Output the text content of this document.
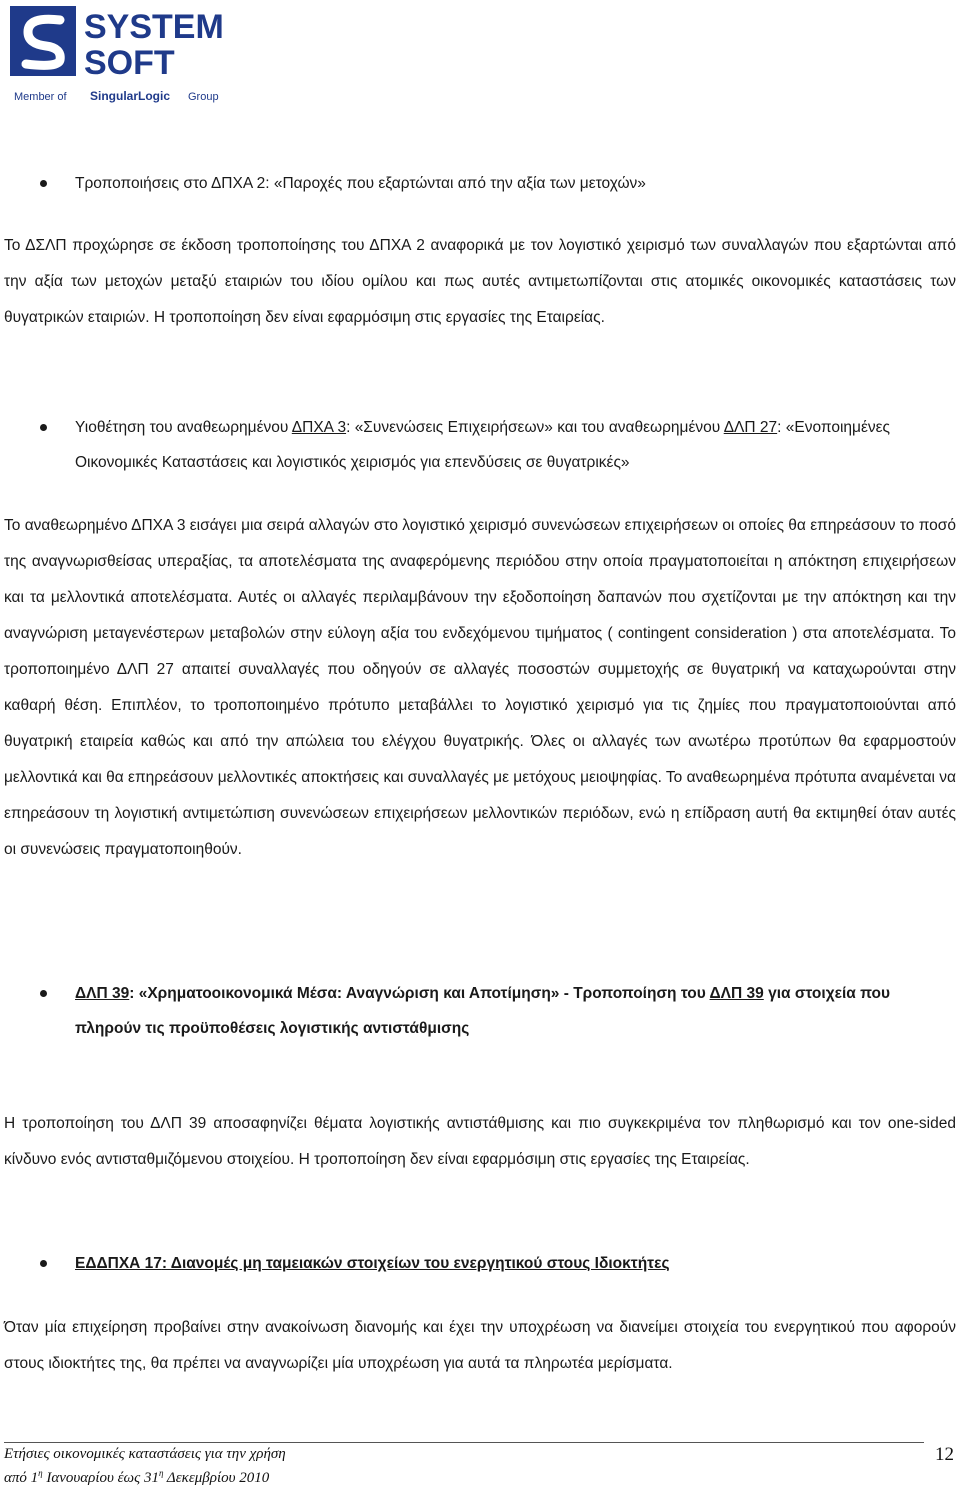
SYSTEM
SOFT
Member of SingularLogic Group
Τροποποιήσεις στο ΔΠΧΑ 2: «Παροχές που εξαρτώνται από την αξία των μετοχών»
Το ΔΣΛΠ προχώρησε σε έκδοση τροποποίησης του ΔΠΧΑ 2 αναφορικά με τον λογιστικό χειρισμό των συναλλαγών που εξαρτώνται από την αξία των μετοχών μεταξύ εταιριών του ιδίου ομίλου και πως αυτές αντιμετωπίζονται στις ατομικές οικονομικές καταστάσεις των θυγατρικών εταιριών. Η τροποποίηση δεν είναι εφαρμόσιμη στις εργασίες της Εταιρείας.
Υιοθέτηση του αναθεωρημένου ΔΠΧΑ 3: «Συνενώσεις Επιχειρήσεων» και του αναθεωρημένου ΔΛΠ 27: «Ενοποιημένες Οικονομικές Καταστάσεις και λογιστικός χειρισμός για επενδύσεις σε θυγατρικές»
Το αναθεωρημένο ΔΠΧΑ 3 εισάγει μια σειρά αλλαγών στο λογιστικό χειρισμό συνενώσεων επιχειρήσεων οι οποίες θα επηρεάσουν το ποσό της αναγνωρισθείσας υπεραξίας, τα αποτελέσματα της αναφερόμενης περιόδου στην οποία πραγματοποιείται η απόκτηση επιχειρήσεων και τα μελλοντικά αποτελέσματα. Αυτές οι αλλαγές περιλαμβάνουν την εξοδοποίηση δαπανών που σχετίζονται με την απόκτηση και την αναγνώριση μεταγενέστερων μεταβολών στην εύλογη αξία του ενδεχόμενου τιμήματος ( contingent consideration ) στα αποτελέσματα. Το τροποποιημένο ΔΛΠ 27 απαιτεί συναλλαγές που οδηγούν σε αλλαγές ποσοστών συμμετοχής σε θυγατρική να καταχωρούνται στην καθαρή θέση. Επιπλέον, το τροποποιημένο πρότυπο μεταβάλλει το λογιστικό χειρισμό για τις ζημίες που πραγματοποιούνται από θυγατρική εταιρεία καθώς και από την απώλεια του ελέγχου θυγατρικής. Όλες οι αλλαγές των ανωτέρω προτύπων θα εφαρμοστούν μελλοντικά και θα επηρεάσουν μελλοντικές αποκτήσεις και συναλλαγές με μετόχους μειοψηφίας. Το αναθεωρημένα πρότυπα αναμένεται να επηρεάσουν τη λογιστική αντιμετώπιση συνενώσεων επιχειρήσεων μελλοντικών περιόδων, ενώ η επίδραση αυτή θα εκτιμηθεί όταν αυτές οι συνενώσεις πραγματοποιηθούν.
ΔΛΠ 39: «Χρηματοοικονομικά Μέσα: Αναγνώριση και Αποτίμηση» - Τροποποίηση του ΔΛΠ 39 για στοιχεία που πληρούν τις προϋποθέσεις λογιστικής αντιστάθμισης
Η τροποποίηση του ΔΛΠ 39 αποσαφηνίζει θέματα λογιστικής αντιστάθμισης και πιο συγκεκριμένα τον πληθωρισμό και τον one-sided κίνδυνο ενός αντισταθμιζόμενου στοιχείου. Η τροποποίηση δεν είναι εφαρμόσιμη στις εργασίες της Εταιρείας.
ΕΔΔΠΧΑ 17: Διανομές μη ταμειακών στοιχείων του ενεργητικού στους Ιδιοκτήτες
Όταν μία επιχείρηση προβαίνει στην ανακοίνωση διανομής και έχει την υποχρέωση να διανείμει στοιχεία του ενεργητικού που αφορούν στους ιδιοκτήτες της, θα πρέπει να αναγνωρίζει μία υποχρέωση για αυτά τα πληρωτέα μερίσματα.
Ετήσιες οικονομικές καταστάσεις για την χρήση
από $1^\eta$ Ιανουαρίου έως $31^\eta$ Δεκεμβρίου 2010
12
